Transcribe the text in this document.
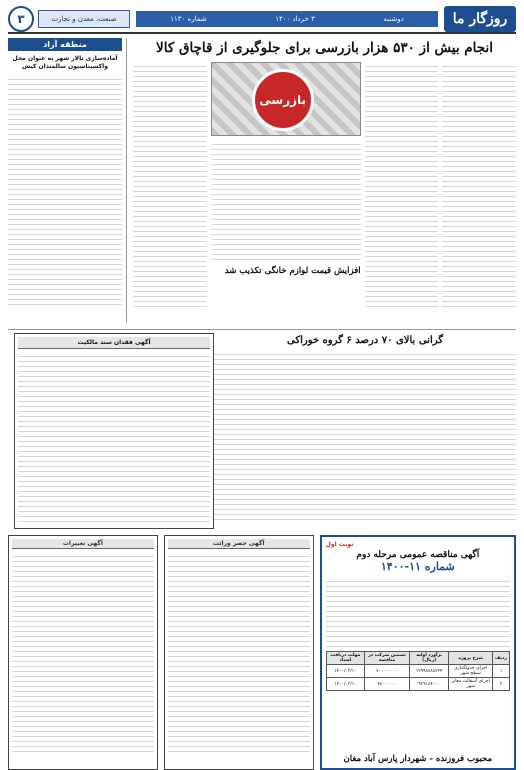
روزگار ما
دوشنبه
۳ خرداد ۱۴۰۰
شماره ۱۱۳۰
صنعت، معدن و تجارت
۳
انجام بیش از ۵۳۰ هزار بازرسی برای جلوگیری از قاچاق کالا
بازرسی
افزایش قیمت لوازم خانگی تکذیب شد
منطقه آزاد
آماده‌سازی تالار شهر به عنوان محل واکسیناسیون سالمندان کیش
گرانی بالای ۷۰ درصد ۶ گروه خوراکی
آگهی فقدان سند مالکیت
نوبت اول
آگهی مناقصه عمومی مرحله دوم
شماره ۱۱-۱۴۰۰
ردیف	شرح پروژه	برآورد اولیه (ریال)	تضمین شرکت در مناقصه	مهلت دریافت اسناد
۱	اجرای جدولگذاری سطح شهر	۱۳۹۹۸۷۸۸۲۲۴	۷۰۰۰۰۰۰۰۰	۱۴۰۰/۰۳/۱۰
۲	اجرای آسفالت معابر شهر	۹۳۹۱۸۴۰۰۰	۴۷۰۰۰۰۰۰	۱۴۰۰/۰۳/۱۰
محبوب فروزنده - شهردار پارس آباد مغان
آگهی حصر وراثت
آگهی تغییرات
